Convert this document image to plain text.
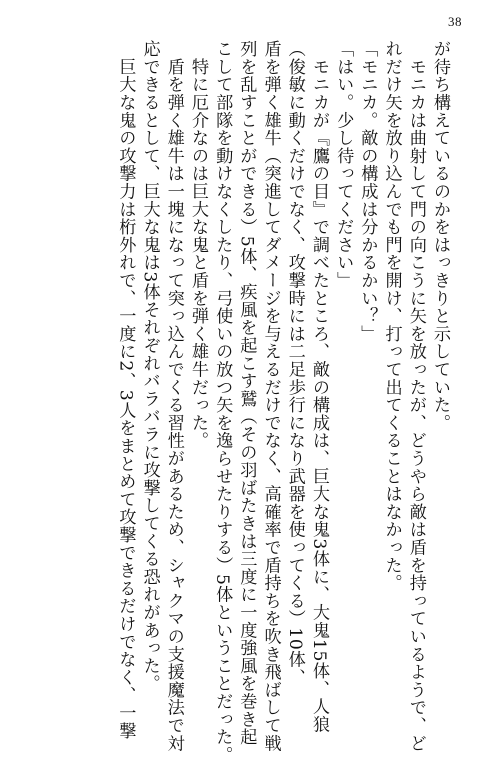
38
が待ち構えているのかをはっきりと示していた。
　モニカは曲射して門の向こうに矢を放ったが、どうやら敵は盾を持っているようで、ど
れだけ矢を放り込んでも門を開け、打って出てくることはなかった。
「モニカ。敵の構成は分かるかい？」
「はい。少し待ってください」
　モニカが『鷹の目』で調べたところ、敵の構成は、巨大な鬼3体に、大鬼15体、人狼
（俊敏に動くだけでなく、攻撃時には二足歩行になり武器を使ってくる）10体、
盾を弾く雄牛（突進してダメージを与えるだけでなく、高確率で盾持ちを吹き飛ばして戦
列を乱すことができる）5体、疾風を起こす鷲（その羽ばたきは三度に一度強風を巻き起
こして部隊を動けなくしたり、弓使いの放つ矢を逸らせたりする）5体ということだった。
　特に厄介なのは巨大な鬼と盾を弾く雄牛だった。
　盾を弾く雄牛は一塊になって突っ込んでくる習性があるため、シャクマの支援魔法で対
応できるとして、巨大な鬼は3体それぞれバラバラに攻撃してくる恐れがあった。
　巨大な鬼の攻撃力は桁外れで、一度に2、3人をまとめて攻撃できるだけでなく、一撃
